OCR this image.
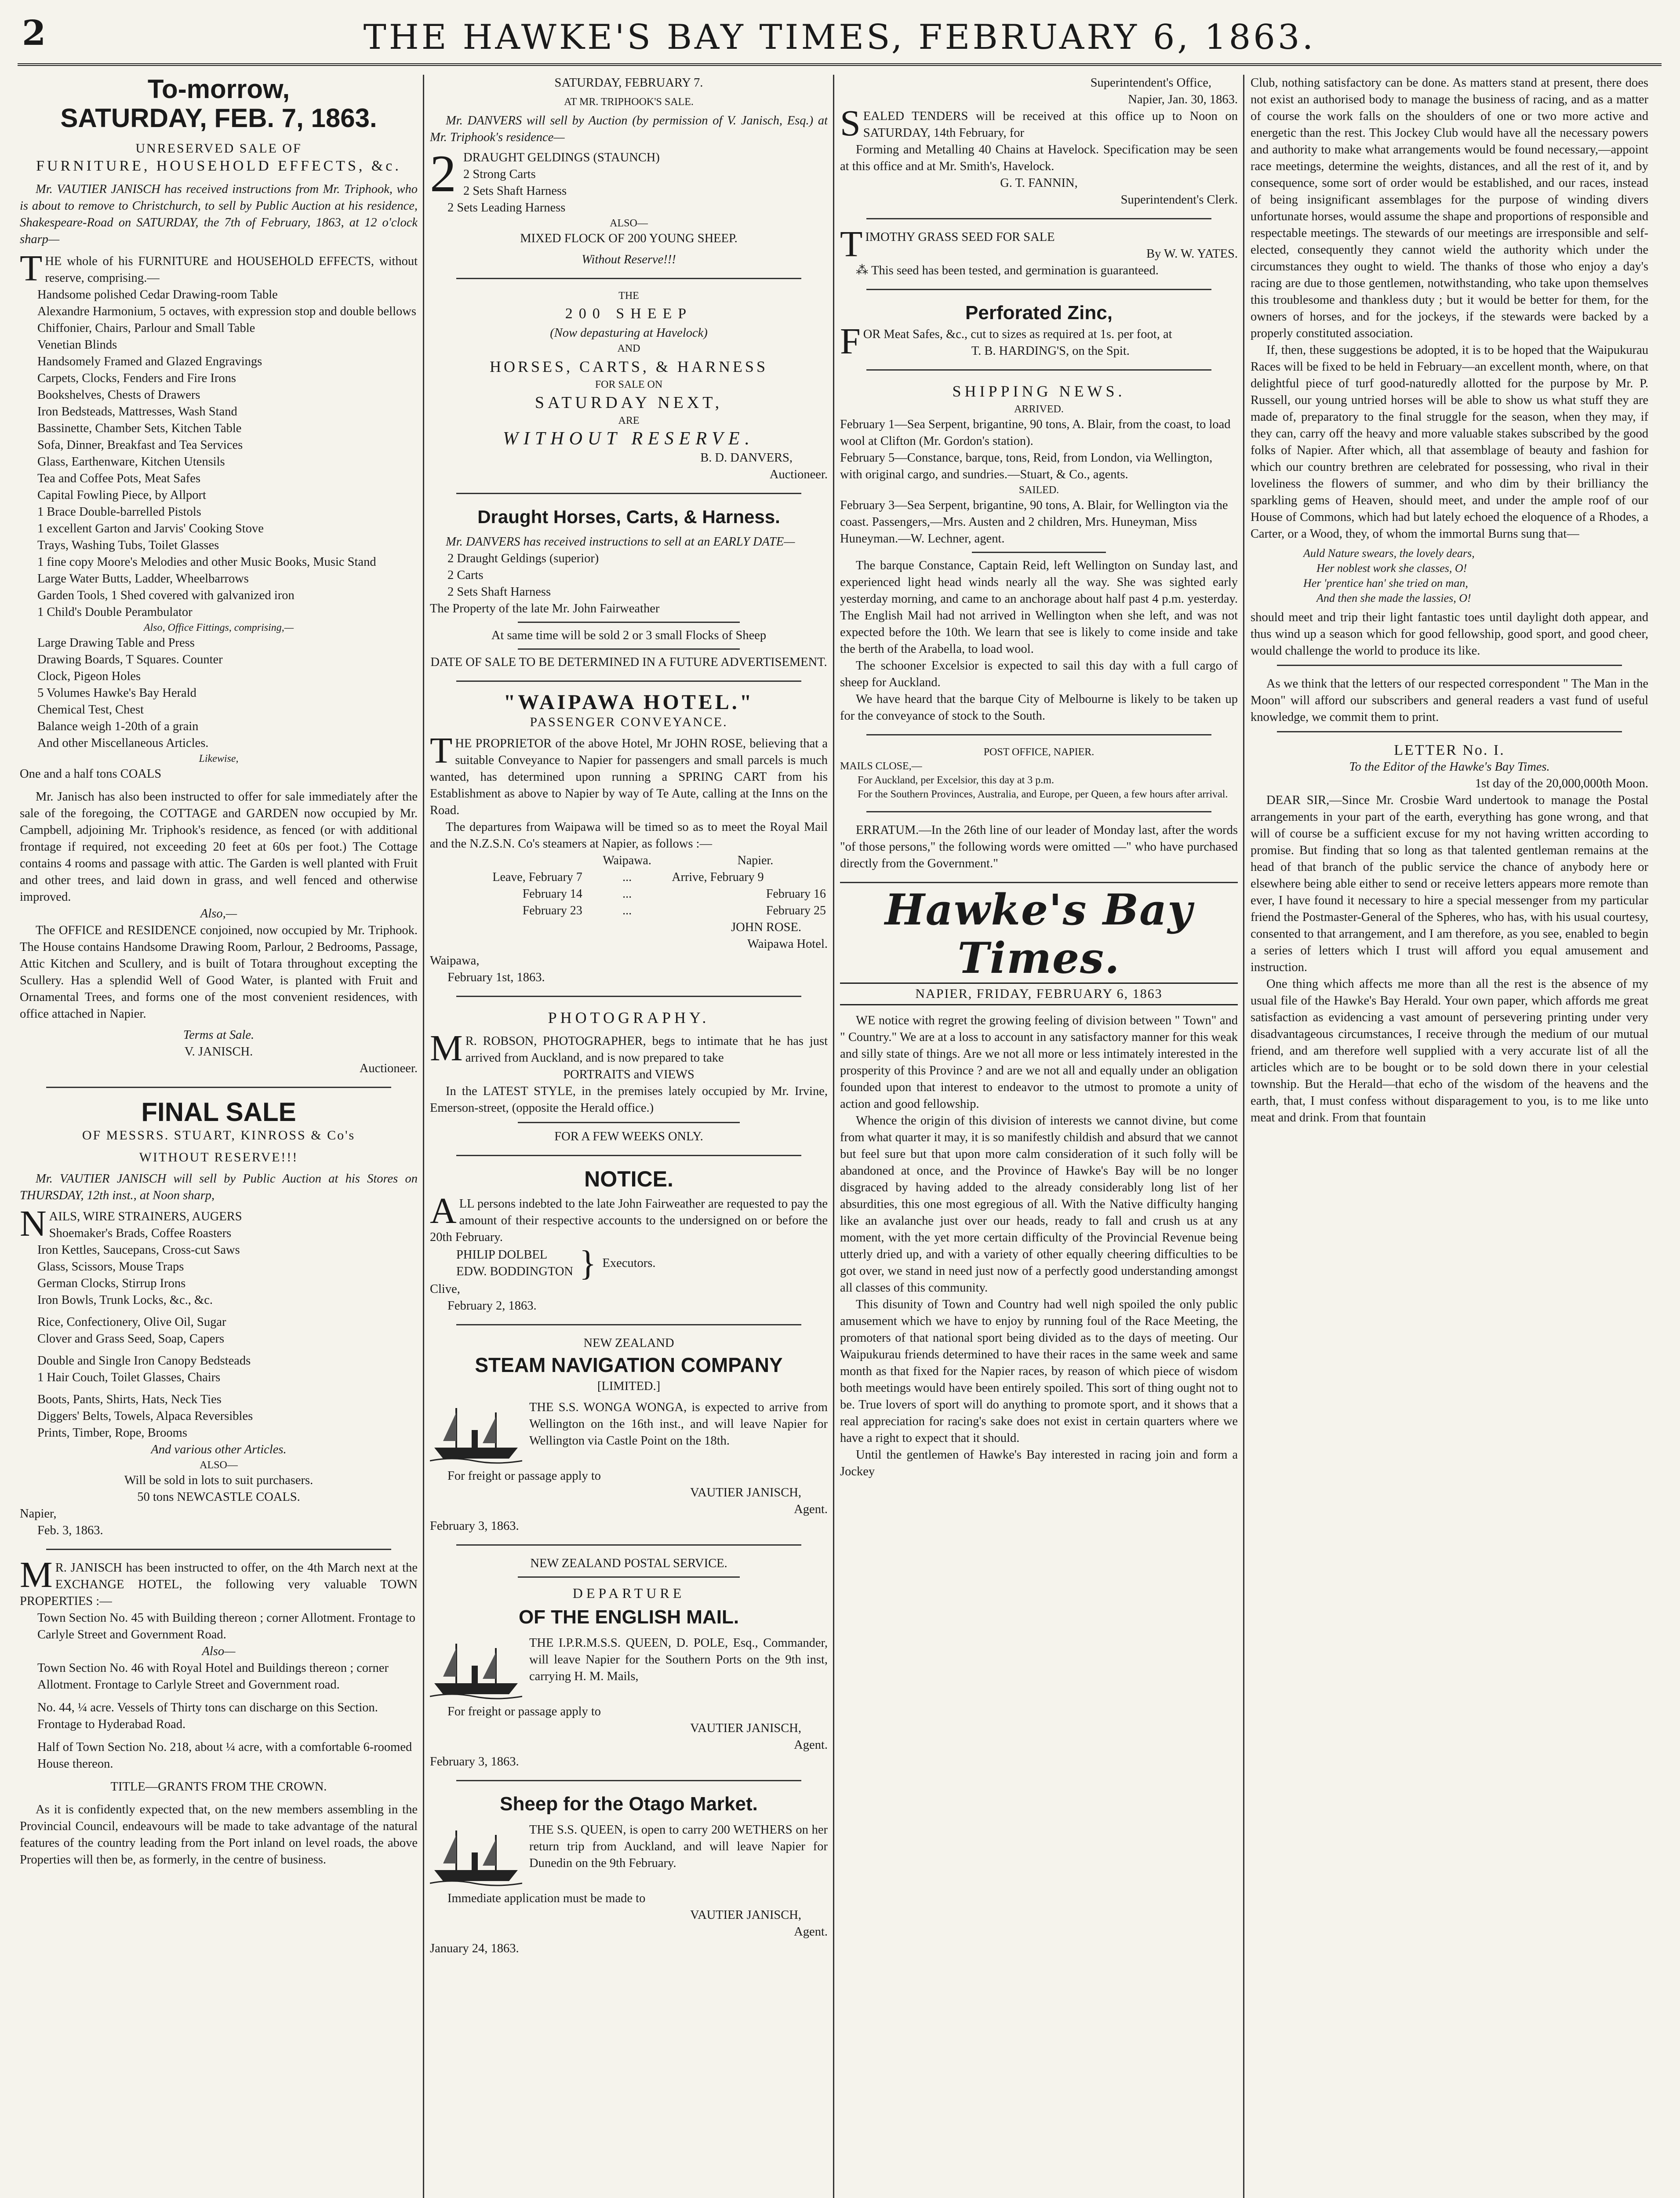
2	THE HAWKE'S BAY TIMES, FEBRUARY 6, 1863.
To-morrow,
SATURDAY, FEB. 7, 1863.
UNRESERVED SALE OF
FURNITURE, HOUSEHOLD EFFECTS, &c.
Mr. VAUTIER JANISCH has received instructions from Mr. Triphook, who is about to remove to Christchurch, to sell by Public Auction at his residence, Shakespeare-Road on SATURDAY, the 7th of February, 1863, at 12 o'clock sharp—
THE whole of his FURNITURE and HOUSEHOLD EFFECTS, without reserve, comprising.—
Handsome polished Cedar Drawing-room Table
Alexandre Harmonium, 5 octaves, with expression stop and double bellows
Chiffonier, Chairs, Parlour and Small Table
Venetian Blinds
Handsomely Framed and Glazed Engravings
Carpets, Clocks, Fenders and Fire Irons
Bookshelves, Chests of Drawers
Iron Bedsteads, Mattresses, Wash Stand
Bassinette, Chamber Sets, Kitchen Table
Sofa, Dinner, Breakfast and Tea Services
Glass, Earthenware, Kitchen Utensils
Tea and Coffee Pots, Meat Safes
Capital Fowling Piece, by Allport
1 Brace Double-barrelled Pistols
1 excellent Garton and Jarvis' Cooking Stove
Trays, Washing Tubs, Toilet Glasses
1 fine copy Moore's Melodies and other Music Books, Music Stand
Large Water Butts, Ladder, Wheelbarrows
Garden Tools, 1 Shed covered with galvanized iron
1 Child's Double Perambulator
Also, Office Fittings, comprising,—
Large Drawing Table and Press
Drawing Boards, T Squares. Counter
Clock, Pigeon Holes
5 Volumes Hawke's Bay Herald
Chemical Test, Chest
Balance weigh 1-20th of a grain
And other Miscellaneous Articles.
Likewise,
One and a half tons COALS
Mr. Janisch has also been instructed to offer for sale immediately after the sale of the foregoing, the COTTAGE and GARDEN now occupied by Mr. Campbell, adjoining Mr. Triphook's residence, as fenced (or with additional frontage if required, not exceeding 20 feet at 60s per foot.) The Cottage contains 4 rooms and passage with attic. The Garden is well planted with Fruit and other trees, and laid down in grass, and well fenced and otherwise improved.
Also,—
The OFFICE and RESIDENCE conjoined, now occupied by Mr. Triphook. The House contains Handsome Drawing Room, Parlour, 2 Bedrooms, Passage, Attic Kitchen and Scullery, and is built of Totara throughout excepting the Scullery. Has a splendid Well of Good Water, is planted with Fruit and Ornamental Trees, and forms one of the most convenient residences, with office attached in Napier.
Terms at Sale.
V. JANISCH.
Auctioneer.
FINAL SALE
OF MESSRS. STUART, KINROSS & Co's
WITHOUT RESERVE!!!
Mr. VAUTIER JANISCH will sell by Public Auction at his Stores on THURSDAY, 12th inst., at Noon sharp,
NAILS, WIRE STRAINERS, AUGERS
Shoemaker's Brads, Coffee Roasters
Iron Kettles, Saucepans, Cross-cut Saws
Glass, Scissors, Mouse Traps
German Clocks, Stirrup Irons
Iron Bowls, Trunk Locks, &c., &c.
Rice, Confectionery, Olive Oil, Sugar
Clover and Grass Seed, Soap, Capers
Double and Single Iron Canopy Bedsteads
1 Hair Couch, Toilet Glasses, Chairs
Boots, Pants, Shirts, Hats, Neck Ties
Diggers' Belts, Towels, Alpaca Reversibles
Prints, Timber, Rope, Brooms
And various other Articles.
ALSO—
Will be sold in lots to suit purchasers.
50 tons NEWCASTLE COALS.
Napier,
Feb. 3, 1863.
MR. JANISCH has been instructed to offer, on the 4th March next at the EXCHANGE HOTEL, the following very valuable TOWN PROPERTIES :—
Town Section No. 45 with Building thereon ; corner Allotment. Frontage to Carlyle Street and Government Road.
Also—
Town Section No. 46 with Royal Hotel and Buildings thereon ; corner Allotment. Frontage to Carlyle Street and Government road.
No. 44, ¼ acre. Vessels of Thirty tons can discharge on this Section. Frontage to Hyderabad Road.
Half of Town Section No. 218, about ¼ acre, with a comfortable 6-roomed House thereon.
TITLE—GRANTS FROM THE CROWN.
As it is confidently expected that, on the new members assembling in the Provincial Council, endeavours will be made to take advantage of the natural features of the country leading from the Port inland on level roads, the above Properties will then be, as formerly, in the centre of business.
SATURDAY, FEBRUARY 7.
AT MR. TRIPHOOK'S SALE.
Mr. DANVERS will sell by Auction (by permission of V. Janisch, Esq.) at Mr. Triphook's residence—
2 DRAUGHT GELDINGS (STAUNCH)
2 Strong Carts
2 Sets Shaft Harness
2 Sets Leading Harness
ALSO—
MIXED FLOCK OF 200 YOUNG SHEEP.
Without Reserve!!!
THE
200 SHEEP
(Now depasturing at Havelock)
AND
HORSES, CARTS, & HARNESS
FOR SALE ON
SATURDAY NEXT,
ARE
WITHOUT RESERVE.
B. D. DANVERS,
Auctioneer.
Draught Horses, Carts, & Harness.
Mr. DANVERS has received instructions to sell at an EARLY DATE—
2 Draught Geldings (superior)
2 Carts
2 Sets Shaft Harness
The Property of the late Mr. John Fairweather
At same time will be sold 2 or 3 small Flocks of Sheep
DATE OF SALE TO BE DETERMINED IN A FUTURE ADVERTISEMENT.
"WAIPAWA HOTEL."
PASSENGER CONVEYANCE.
THE PROPRIETOR of the above Hotel, Mr JOHN ROSE, believing that a suitable Conveyance to Napier for passengers and small parcels is much wanted, has determined upon running a SPRING CART from his Establishment as above to Napier by way of Te Aute, calling at the Inns on the Road.
The departures from Waipawa will be timed so as to meet the Royal Mail and the N.Z.S.N. Co's steamers at Napier, as follows :—
	Waipawa.		Napier.
Leave, February 7	...	Arrive, February 9	
February 14	...	February 16	
February 23	...	February 25	
JOHN ROSE.
Waipawa Hotel.
Waipawa,
February 1st, 1863.
PHOTOGRAPHY.
MR. ROBSON, PHOTOGRAPHER, begs to intimate that he has just arrived from Auckland, and is now prepared to take
PORTRAITS and VIEWS
In the LATEST STYLE, in the premises lately occupied by Mr. Irvine, Emerson-street, (opposite the Herald office.)
FOR A FEW WEEKS ONLY.
NOTICE.
ALL persons indebted to the late John Fairweather are requested to pay the amount of their respective accounts to the undersigned on or before the 20th February.
PHILIP DOLBEL
EDW. BODDINGTON } Executors.
Clive,
February 2, 1863.
NEW ZEALAND
STEAM NAVIGATION COMPANY
[LIMITED.]
THE S.S. WONGA WONGA, is expected to arrive from Wellington on the 16th inst., and will leave Napier for Wellington via Castle Point on the 18th.
For freight or passage apply to
VAUTIER JANISCH,
Agent.
February 3, 1863.
NEW ZEALAND POSTAL SERVICE.
DEPARTURE
OF THE ENGLISH MAIL.
THE I.P.R.M.S.S. QUEEN, D. POLE, Esq., Commander, will leave Napier for the Southern Ports on the 9th inst, carrying H. M. Mails,
For freight or passage apply to
VAUTIER JANISCH,
Agent.
February 3, 1863.
Sheep for the Otago Market.
THE S.S. QUEEN, is open to carry 200 WETHERS on her return trip from Auckland, and will leave Napier for Dunedin on the 9th February.
Immediate application must be made to
VAUTIER JANISCH,
Agent.
January 24, 1863.
Superintendent's Office,
Napier, Jan. 30, 1863.
SEALED TENDERS will be received at this office up to Noon on SATURDAY, 14th February, for
Forming and Metalling 40 Chains at Havelock. Specification may be seen at this office and at Mr. Smith's, Havelock.
G. T. FANNIN,
Superintendent's Clerk.
TIMOTHY GRASS SEED FOR SALE
By W. W. YATES.
⁂ This seed has been tested, and germination is guaranteed.
Perforated Zinc,
FOR Meat Safes, &c., cut to sizes as required at 1s. per foot, at
T. B. HARDING'S, on the Spit.
SHIPPING NEWS.
ARRIVED.
February 1—Sea Serpent, brigantine, 90 tons, A. Blair, from the coast, to load wool at Clifton (Mr. Gordon's station).
February 5—Constance, barque, tons, Reid, from London, via Wellington, with original cargo, and sundries.—Stuart, & Co., agents.
SAILED.
February 3—Sea Serpent, brigantine, 90 tons, A. Blair, for Wellington via the coast. Passengers,—Mrs. Austen and 2 children, Mrs. Huneyman, Miss Huneyman.—W. Lechner, agent.
The barque Constance, Captain Reid, left Wellington on Sunday last, and experienced light head winds nearly all the way. She was sighted early yesterday morning, and came to an anchorage about half past 4 p.m. yesterday. The English Mail had not arrived in Wellington when she left, and was not expected before the 10th. We learn that see is likely to come inside and take the berth of the Arabella, to load wool.
The schooner Excelsior is expected to sail this day with a full cargo of sheep for Auckland.
We have heard that the barque City of Melbourne is likely to be taken up for the conveyance of stock to the South.
POST OFFICE, NAPIER.
MAILS CLOSE,—
For Auckland, per Excelsior, this day at 3 p.m.
For the Southern Provinces, Australia, and Europe, per Queen, a few hours after arrival.
ERRATUM.—In the 26th line of our leader of Monday last, after the words "of those persons," the following words were omitted —" who have purchased directly from the Government."
Hawke's Bay Times.
NAPIER, FRIDAY, FEBRUARY 6, 1863
WE notice with regret the growing feeling of division between " Town" and " Country." We are at a loss to account in any satisfactory manner for this weak and silly state of things. Are we not all more or less intimately interested in the prosperity of this Province ? and are we not all and equally under an obligation founded upon that interest to endeavor to the utmost to promote a unity of action and good fellowship.
Whence the origin of this division of interests we cannot divine, but come from what quarter it may, it is so manifestly childish and absurd that we cannot but feel sure but that upon more calm consideration of it such folly will be abandoned at once, and the Province of Hawke's Bay will be no longer disgraced by having added to the already considerably long list of her absurdities, this one most egregious of all. With the Native difficulty hanging like an avalanche just over our heads, ready to fall and crush us at any moment, with the yet more certain difficulty of the Provincial Revenue being utterly dried up, and with a variety of other equally cheering difficulties to be got over, we stand in need just now of a perfectly good understanding amongst all classes of this community.
This disunity of Town and Country had well nigh spoiled the only public amusement which we have to enjoy by running foul of the Race Meeting, the promoters of that national sport being divided as to the days of meeting. Our Waipukurau friends determined to have their races in the same week and same month as that fixed for the Napier races, by reason of which piece of wisdom both meetings would have been entirely spoiled. This sort of thing ought not to be. True lovers of sport will do anything to promote sport, and it shows that a real appreciation for racing's sake does not exist in certain quarters where we have a right to expect that it should.
Until the gentlemen of Hawke's Bay interested in racing join and form a Jockey
Club, nothing satisfactory can be done. As matters stand at present, there does not exist an authorised body to manage the business of racing, and as a matter of course the work falls on the shoulders of one or two more active and energetic than the rest. This Jockey Club would have all the necessary powers and authority to make what arrangements would be found necessary,—appoint race meetings, determine the weights, distances, and all the rest of it, and by consequence, some sort of order would be established, and our races, instead of being insignificant assemblages for the purpose of winding divers unfortunate horses, would assume the shape and proportions of responsible and respectable meetings. The stewards of our meetings are irresponsible and self-elected, consequently they cannot wield the authority which under the circumstances they ought to wield. The thanks of those who enjoy a day's racing are due to those gentlemen, notwithstanding, who take upon themselves this troublesome and thankless duty ; but it would be better for them, for the owners of horses, and for the jockeys, if the stewards were backed by a properly constituted association.
If, then, these suggestions be adopted, it is to be hoped that the Waipukurau Races will be fixed to be held in February—an excellent month, where, on that delightful piece of turf good-naturedly allotted for the purpose by Mr. P. Russell, our young untried horses will be able to show us what stuff they are made of, preparatory to the final struggle for the season, when they may, if they can, carry off the heavy and more valuable stakes subscribed by the good folks of Napier. After which, all that assemblage of beauty and fashion for which our country brethren are celebrated for possessing, who rival in their loveliness the flowers of summer, and who dim by their brilliancy the sparkling gems of Heaven, should meet, and under the ample roof of our House of Commons, which had but lately echoed the eloquence of a Rhodes, a Carter, or a Wood, they, of whom the immortal Burns sung that—
Auld Nature swears, the lovely dears,
Her noblest work she classes, O!
Her 'prentice han' she tried on man,
And then she made the lassies, O!
should meet and trip their light fantastic toes until daylight doth appear, and thus wind up a season which for good fellowship, good sport, and good cheer, would challenge the world to produce its like.
As we think that the letters of our respected correspondent " The Man in the Moon" will afford our subscribers and general readers a vast fund of useful knowledge, we commit them to print.
LETTER No. I.
To the Editor of the Hawke's Bay Times.
1st day of the 20,000,000th Moon.
DEAR SIR,—Since Mr. Crosbie Ward undertook to manage the Postal arrangements in your part of the earth, everything has gone wrong, and that will of course be a sufficient excuse for my not having written according to promise. But finding that so long as that talented gentleman remains at the head of that branch of the public service the chance of anybody here or elsewhere being able either to send or receive letters appears more remote than ever, I have found it necessary to hire a special messenger from my particular friend the Postmaster-General of the Spheres, who has, with his usual courtesy, consented to that arrangement, and I am therefore, as you see, enabled to begin a series of letters which I trust will afford you equal amusement and instruction.
One thing which affects me more than all the rest is the absence of my usual file of the Hawke's Bay Herald. Your own paper, which affords me great satisfaction as evidencing a vast amount of persevering printing under very disadvantageous circumstances, I receive through the medium of our mutual friend, and am therefore well supplied with a very accurate list of all the articles which are to be bought or to be sold down there in your celestial township. But the Herald—that echo of the wisdom of the heavens and the earth, that, I must confess without disparagement to you, is to me like unto meat and drink. From that fountain
